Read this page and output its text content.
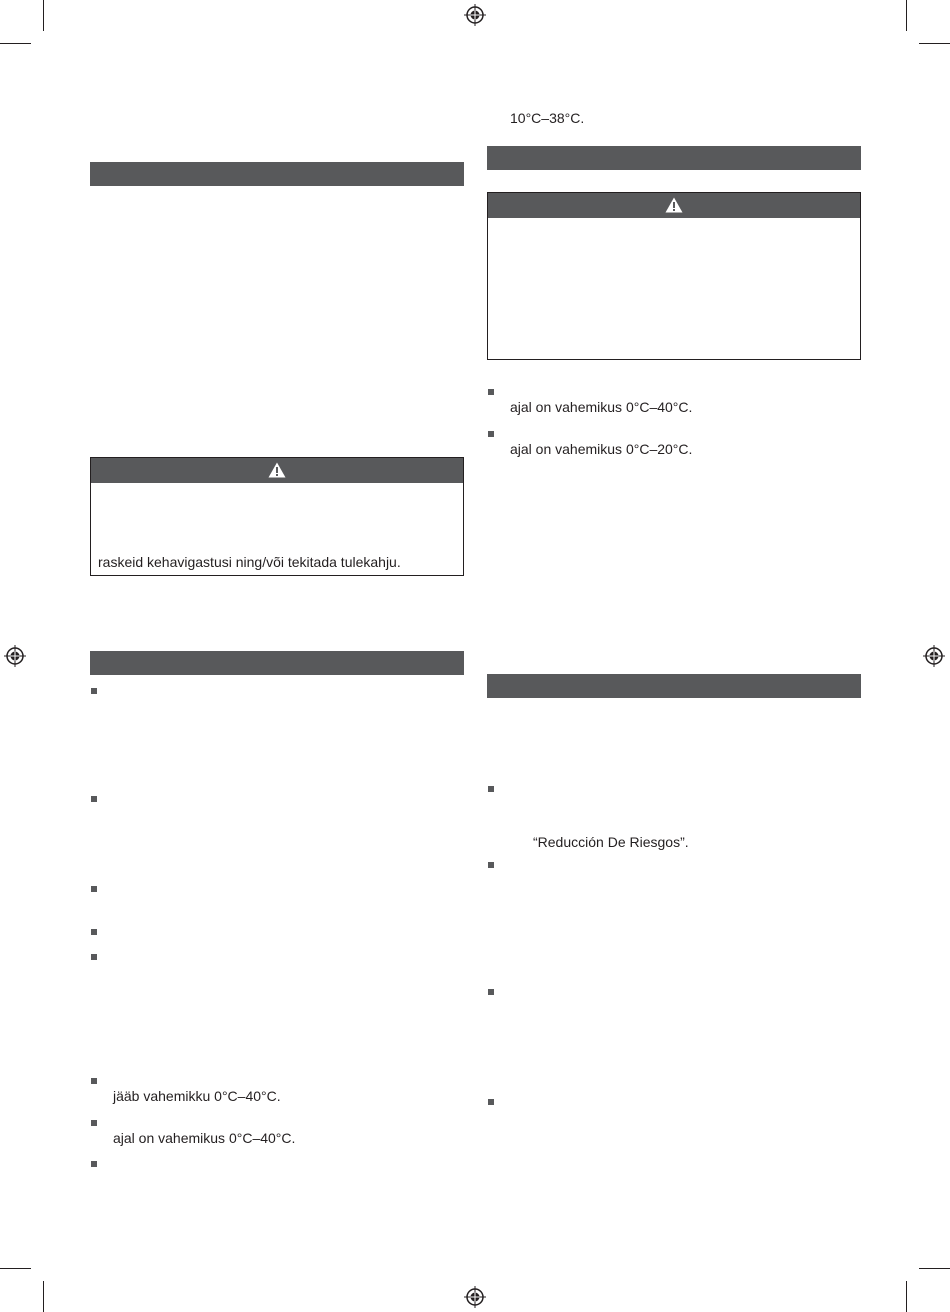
raskeid kehavigastusi ning/või tekitada tulekahju.
jääb vahemikku 0°C–40°C.
ajal on vahemikus 0°C–40°C.
10°C–38°C.
ajal on vahemikus 0°C–40°C.
ajal on vahemikus 0°C–20°C.
“Reducción De Riesgos”.
